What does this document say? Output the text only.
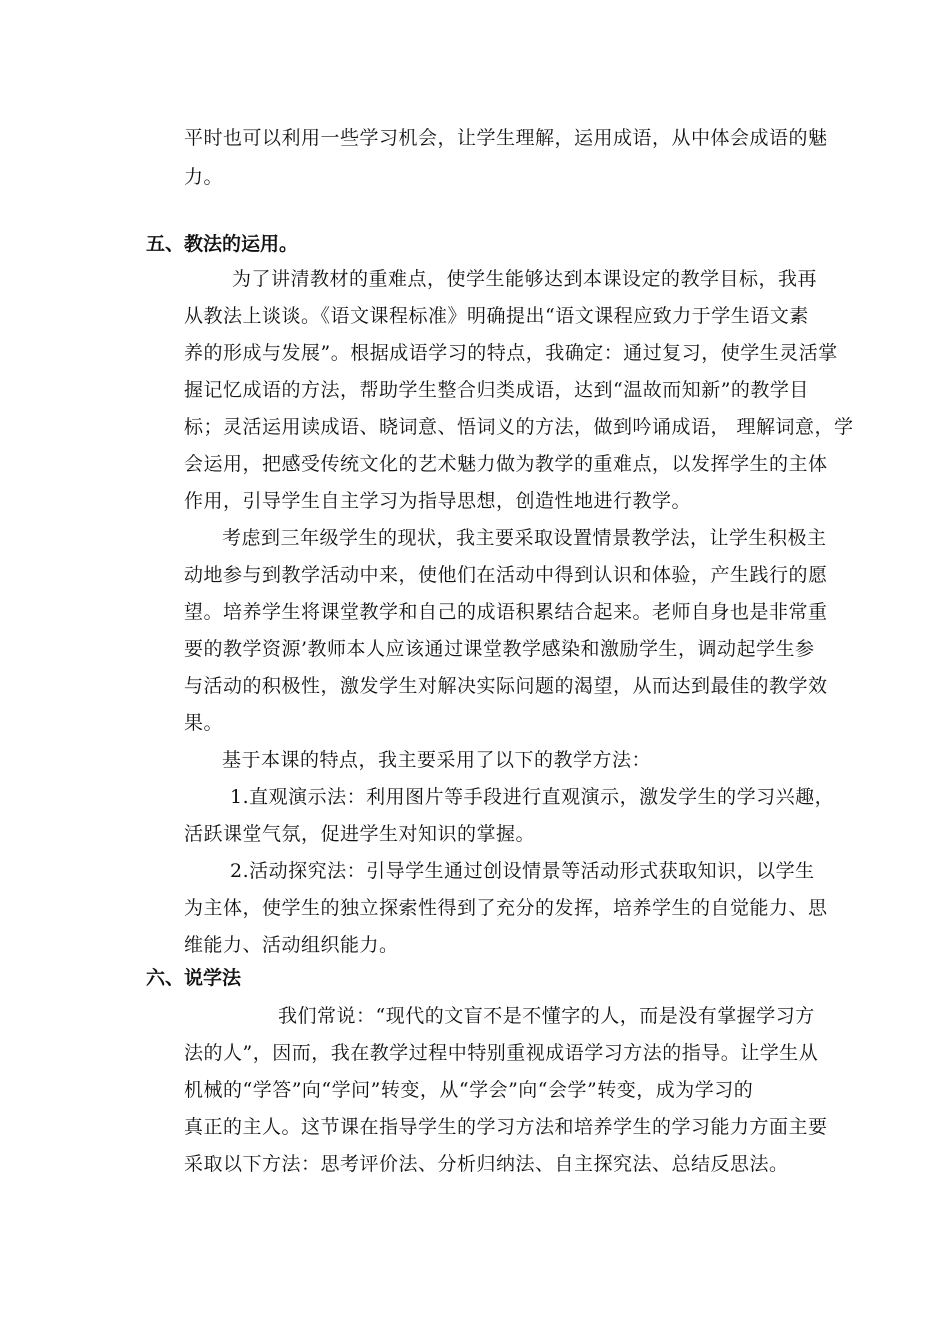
平时也可以利用一些学习机会，让学生理解，运用成语，从中体会成语的魅
力。
五、教法的运用。
为了讲清教材的重难点，使学生能够达到本课设定的教学目标，我再
从教法上谈谈。《语文课程标准》明确提出“语文课程应致力于学生语文素
养的形成与发展”。根据成语学习的特点，我确定：通过复习，使学生灵活掌
握记忆成语的方法，帮助学生整合归类成语，达到“温故而知新”的教学目
标；灵活运用读成语、晓词意、悟词义的方法，做到吟诵成语， 理解词意，学
会运用，把感受传统文化的艺术魅力做为教学的重难点，以发挥学生的主体
作用，引导学生自主学习为指导思想，创造性地进行教学。
考虑到三年级学生的现状，我主要采取设置情景教学法，让学生积极主
动地参与到教学活动中来，使他们在活动中得到认识和体验，产生践行的愿
望。培养学生将课堂教学和自己的成语积累结合起来。老师自身也是非常重
要的教学资源’教师本人应该通过课堂教学感染和激励学生，调动起学生参
与活动的积极性，激发学生对解决实际问题的渴望，从而达到最佳的教学效
果。
基于本课的特点，我主要采用了以下的教学方法：
1.直观演示法：利用图片等手段进行直观演示，激发学生的学习兴趣，
活跃课堂气氛，促进学生对知识的掌握。
2.活动探究法：引导学生通过创设情景等活动形式获取知识，以学生
为主体，使学生的独立探索性得到了充分的发挥，培养学生的自觉能力、思
维能力、活动组织能力。
六、说学法
我们常说：“现代的文盲不是不懂字的人，而是没有掌握学习方
法的人”，因而，我在教学过程中特别重视成语学习方法的指导。让学生从
机械的“学答”向“学问”转变，从“学会”向“会学”转变，成为学习的
真正的主人。这节课在指导学生的学习方法和培养学生的学习能力方面主要
采取以下方法：思考评价法、分析归纳法、自主探究法、总结反思法。
